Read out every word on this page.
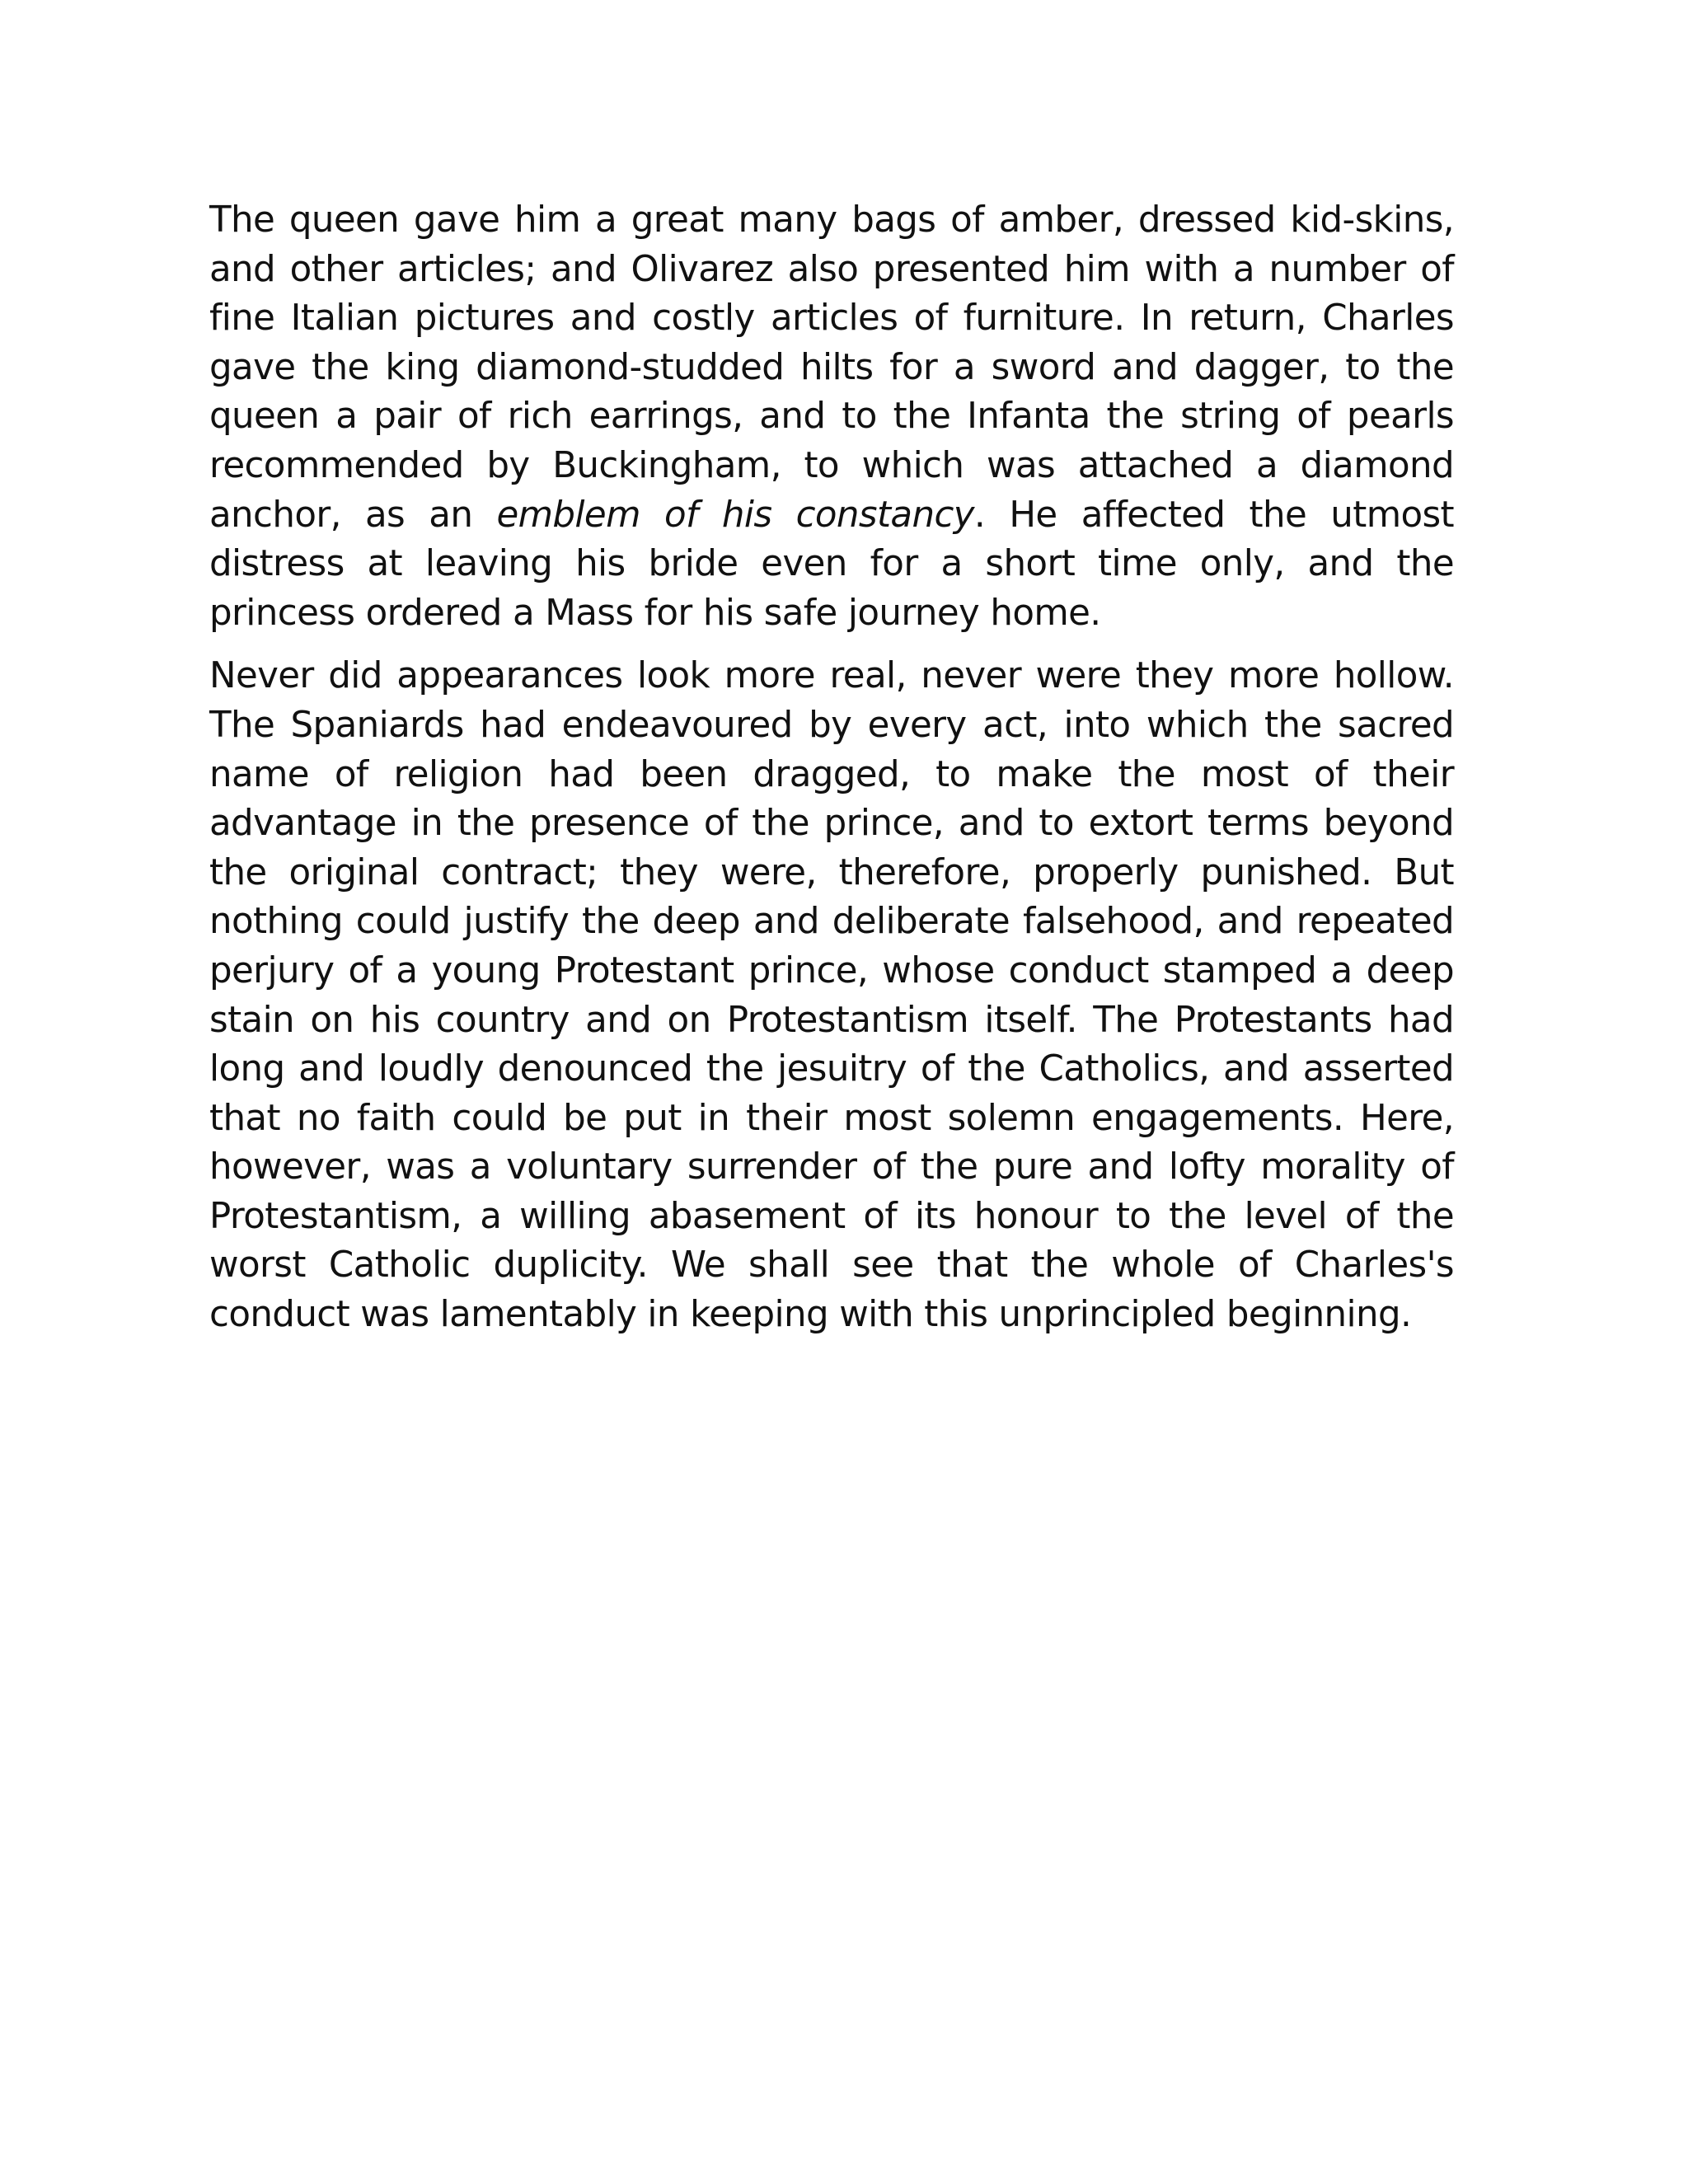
The queen gave him a great many bags of amber, dressed kid-skins, and other articles; and Olivarez also presented him with a number of fine Italian pictures and costly articles of furniture. In return, Charles gave the king diamond-studded hilts for a sword and dagger, to the queen a pair of rich earrings, and to the Infanta the string of pearls recommended by Buckingham, to which was attached a diamond anchor, as an emblem of his constancy. He affected the utmost distress at leaving his bride even for a short time only, and the princess ordered a Mass for his safe journey home.

Never did appearances look more real, never were they more hollow. The Spaniards had endeavoured by every act, into which the sacred name of religion had been dragged, to make the most of their advantage in the presence of the prince, and to extort terms beyond the original contract; they were, therefore, properly punished. But nothing could justify the deep and deliberate falsehood, and repeated perjury of a young Protestant prince, whose conduct stamped a deep stain on his country and on Protestantism itself. The Protestants had long and loudly denounced the jesuitry of the Catholics, and asserted that no faith could be put in their most solemn engagements. Here, however, was a voluntary surrender of the pure and lofty morality of Protestantism, a willing abasement of its honour to the level of the worst Catholic duplicity. We shall see that the whole of Charles's conduct was lamentably in keeping with this unprincipled beginning.
